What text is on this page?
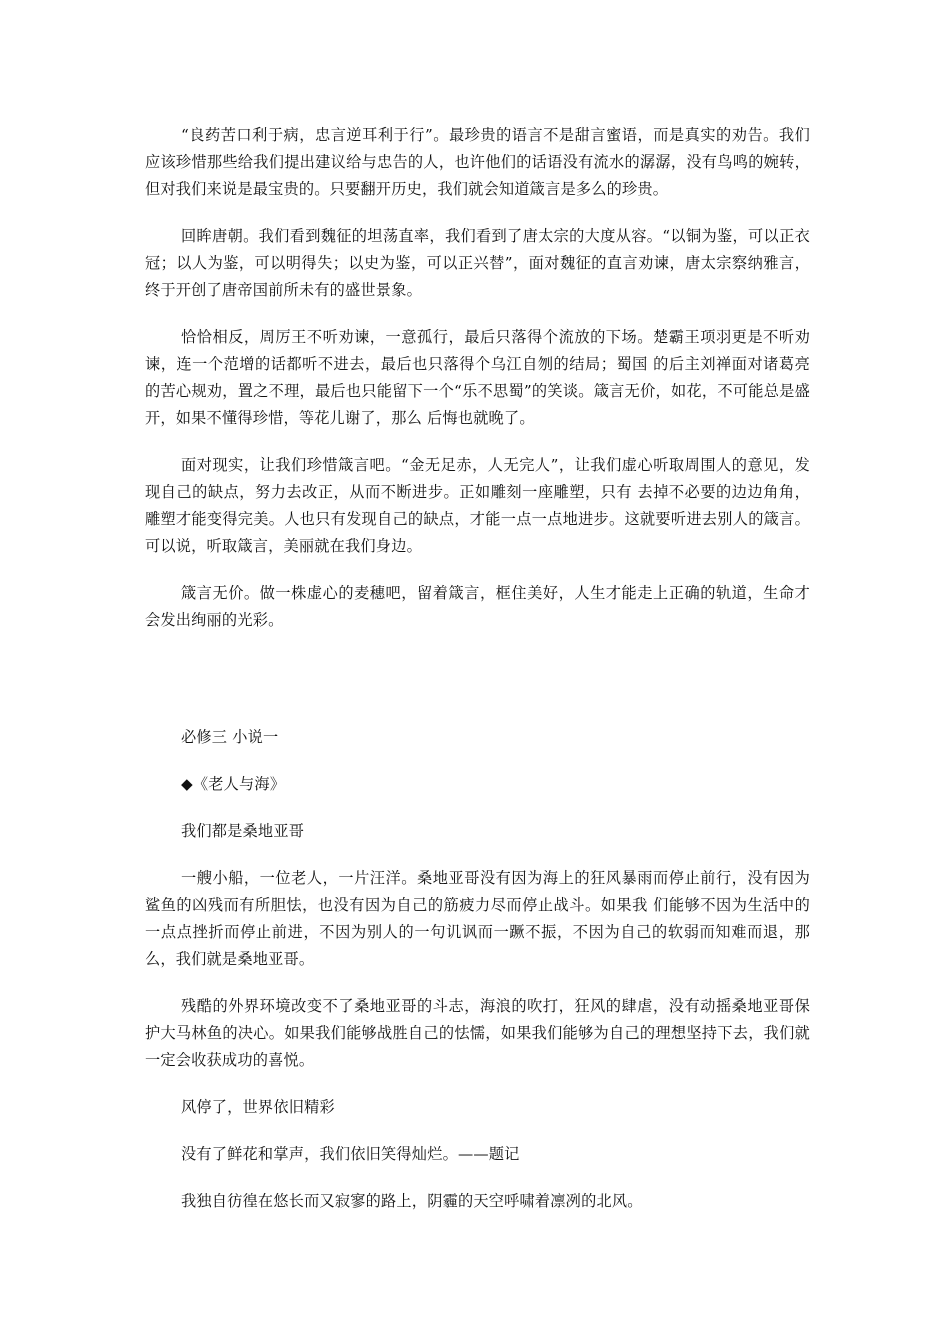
“良药苦口利于病，忠言逆耳利于行”。最珍贵的语言不是甜言蜜语，而是真实的劝告。我们应该珍惜那些给我们提出建议给与忠告的人，也许他们的话语没有流水的潺潺，没有鸟鸣的婉转，但对我们来说是最宝贵的。只要翻开历史，我们就会知道箴言是多么的珍贵。

回眸唐朝。我们看到魏征的坦荡直率，我们看到了唐太宗的大度从容。“以铜为鉴，可以正衣冠；以人为鉴，可以明得失；以史为鉴，可以正兴替”，面对魏征的直言劝谏，唐太宗察纳雅言，终于开创了唐帝国前所未有的盛世景象。

恰恰相反，周厉王不听劝谏，一意孤行，最后只落得个流放的下场。楚霸王项羽更是不听劝谏，连一个范增的话都听不进去，最后也只落得个乌江自刎的结局；蜀国 的后主刘禅面对诸葛亮的苦心规劝，置之不理，最后也只能留下一个“乐不思蜀”的笑谈。箴言无价，如花，不可能总是盛开，如果不懂得珍惜，等花儿谢了，那么 后悔也就晚了。

面对现实，让我们珍惜箴言吧。“金无足赤，人无完人”，让我们虚心听取周围人的意见，发现自己的缺点，努力去改正，从而不断进步。正如雕刻一座雕塑，只有 去掉不必要的边边角角，雕塑才能变得完美。人也只有发现自己的缺点，才能一点一点地进步。这就要听进去别人的箴言。可以说，听取箴言，美丽就在我们身边。

箴言无价。做一株虚心的麦穗吧，留着箴言，框住美好，人生才能走上正确的轨道，生命才会发出绚丽的光彩。

必修三 小说一

◆《老人与海》

我们都是桑地亚哥

一艘小船，一位老人，一片汪洋。桑地亚哥没有因为海上的狂风暴雨而停止前行，没有因为鲨鱼的凶残而有所胆怯，也没有因为自己的筋疲力尽而停止战斗。如果我 们能够不因为生活中的一点点挫折而停止前进，不因为别人的一句讥讽而一蹶不振，不因为自己的软弱而知难而退，那么，我们就是桑地亚哥。

残酷的外界环境改变不了桑地亚哥的斗志，海浪的吹打，狂风的肆虐，没有动摇桑地亚哥保护大马林鱼的决心。如果我们能够战胜自己的怯懦，如果我们能够为自己的理想坚持下去，我们就一定会收获成功的喜悦。

风停了，世界依旧精彩

没有了鲜花和掌声，我们依旧笑得灿烂。——题记

我独自彷徨在悠长而又寂寥的路上，阴霾的天空呼啸着凛冽的北风。
